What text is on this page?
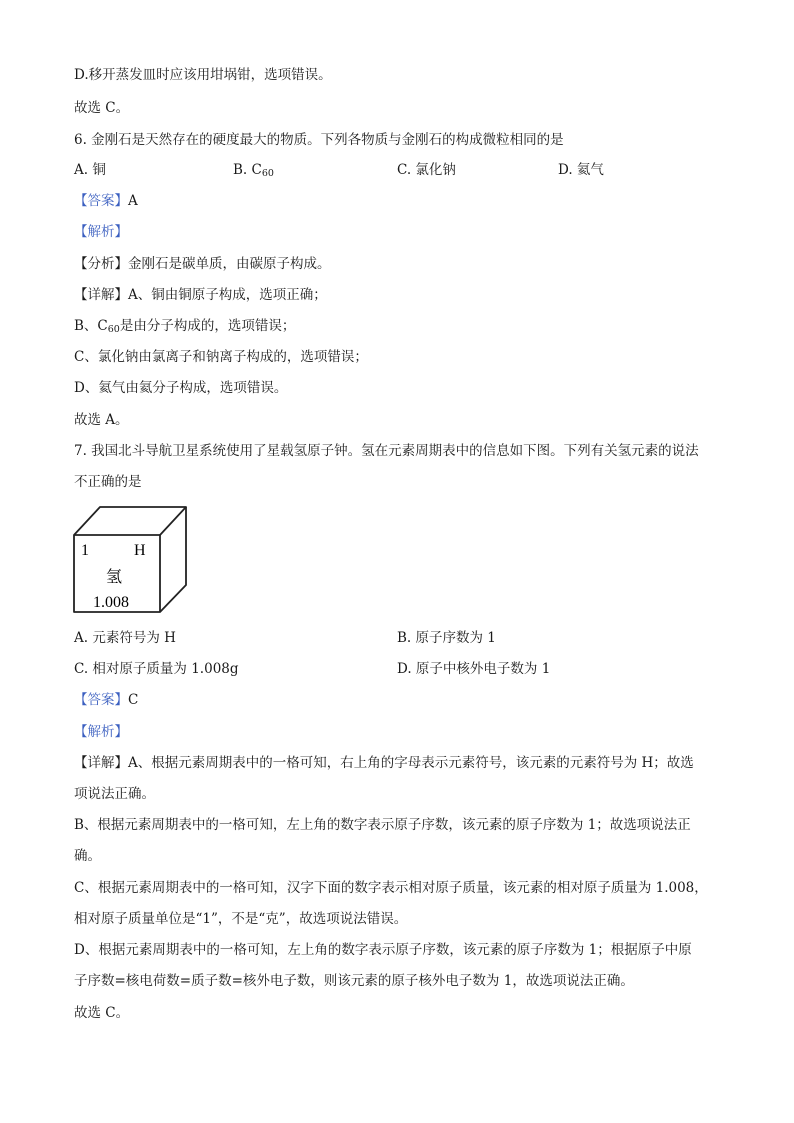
D.移开蒸发皿时应该用坩埚钳，选项错误。
故选 C。
6. 金刚石是天然存在的硬度最大的物质。下列各物质与金刚石的构成微粒相同的是
A. 铜	B. $C_{60}$	C. 氯化钠	D. 氦气
【答案】A
【解析】
【分析】金刚石是碳单质，由碳原子构成。
【详解】A、铜由铜原子构成，选项正确；
B、$C_{60}$是由分子构成的，选项错误；
C、氯化钠由氯离子和钠离子构成的，选项错误；
D、氦气由氦分子构成，选项错误。
故选 A。
7. 我国北斗导航卫星系统使用了星载氢原子钟。氢在元素周期表中的信息如下图。下列有关氢元素的说法
不正确的是
1	H
氢
1.008
A. 元素符号为 H	B. 原子序数为 1
C. 相对原子质量为 1.008g	D. 原子中核外电子数为 1
【答案】C
【解析】
【详解】A、根据元素周期表中的一格可知，右上角的字母表示元素符号，该元素的元素符号为 H；故选
项说法正确。
B、根据元素周期表中的一格可知，左上角的数字表示原子序数，该元素的原子序数为 1；故选项说法正
确。
C、根据元素周期表中的一格可知，汉字下面的数字表示相对原子质量，该元素的相对原子质量为 1.008，
相对原子质量单位是“1”，不是“克”，故选项说法错误。
D、根据元素周期表中的一格可知，左上角的数字表示原子序数，该元素的原子序数为 1；根据原子中原
子序数=核电荷数=质子数=核外电子数，则该元素的原子核外电子数为 1，故选项说法正确。
故选 C。
